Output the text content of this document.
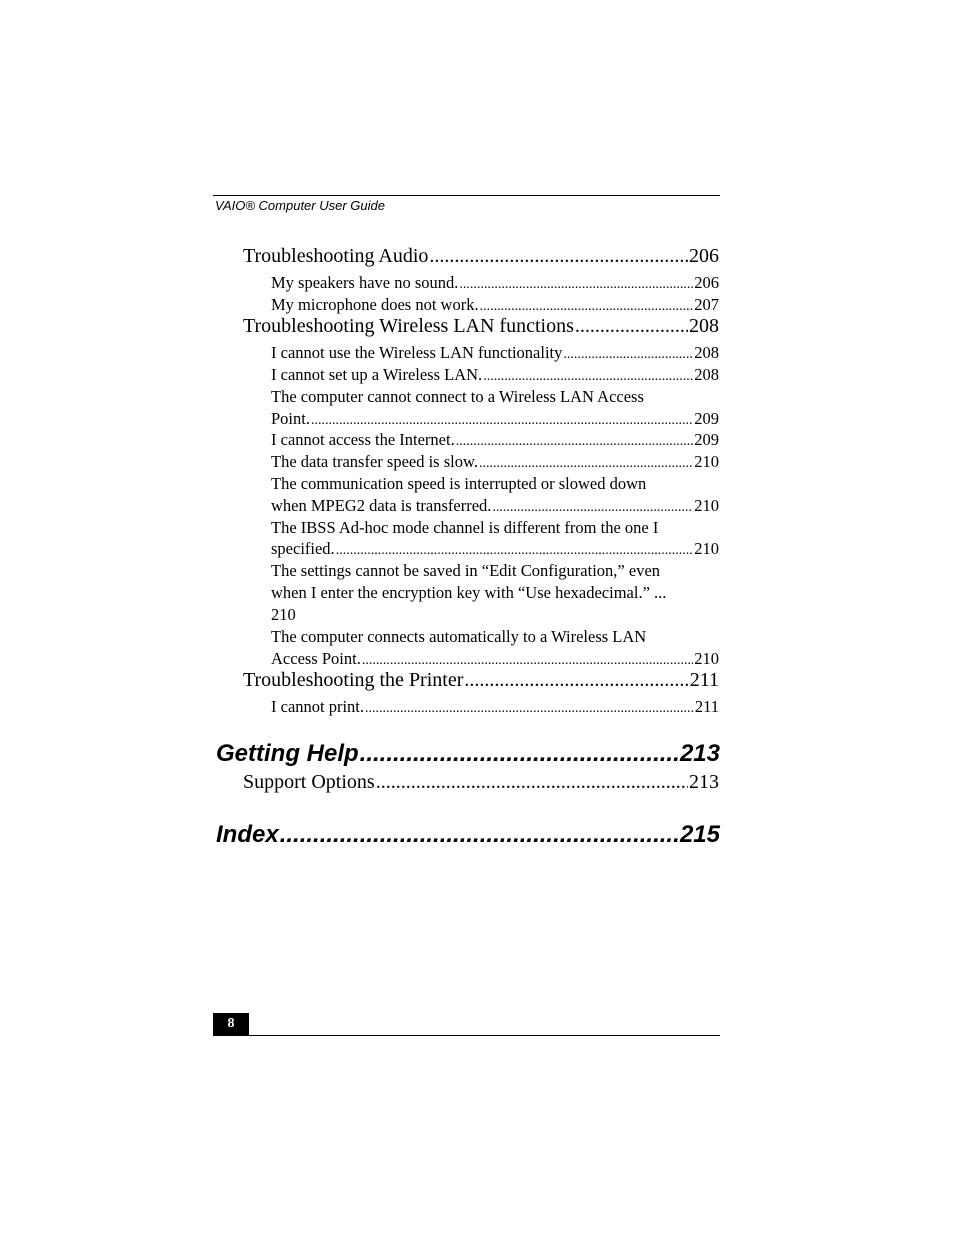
VAIO® Computer User Guide
Troubleshooting Audio .....	206
My speakers have no sound. .....	206
My microphone does not work. .....	207
Troubleshooting Wireless LAN functions .....	208
I cannot use the Wireless LAN functionality .....	208
I cannot set up a Wireless LAN. .....	208
The computer cannot connect to a Wireless LAN Access
Point. .....	209
I cannot access the Internet. .....	209
The data transfer speed is slow. .....	210
The communication speed is interrupted or slowed down
when MPEG2 data is transferred. .....	210
The IBSS Ad-hoc mode channel is different from the one I
specified. .....	210
The settings cannot be saved in “Edit Configuration,” even
when I enter the encryption key with “Use hexadecimal.” ...
210
The computer connects automatically to a Wireless LAN
Access Point. .....	210
Troubleshooting the Printer .....	211
I cannot print. .....	211
Getting Help .....	213
Support Options .....	213
Index .....	215
8
